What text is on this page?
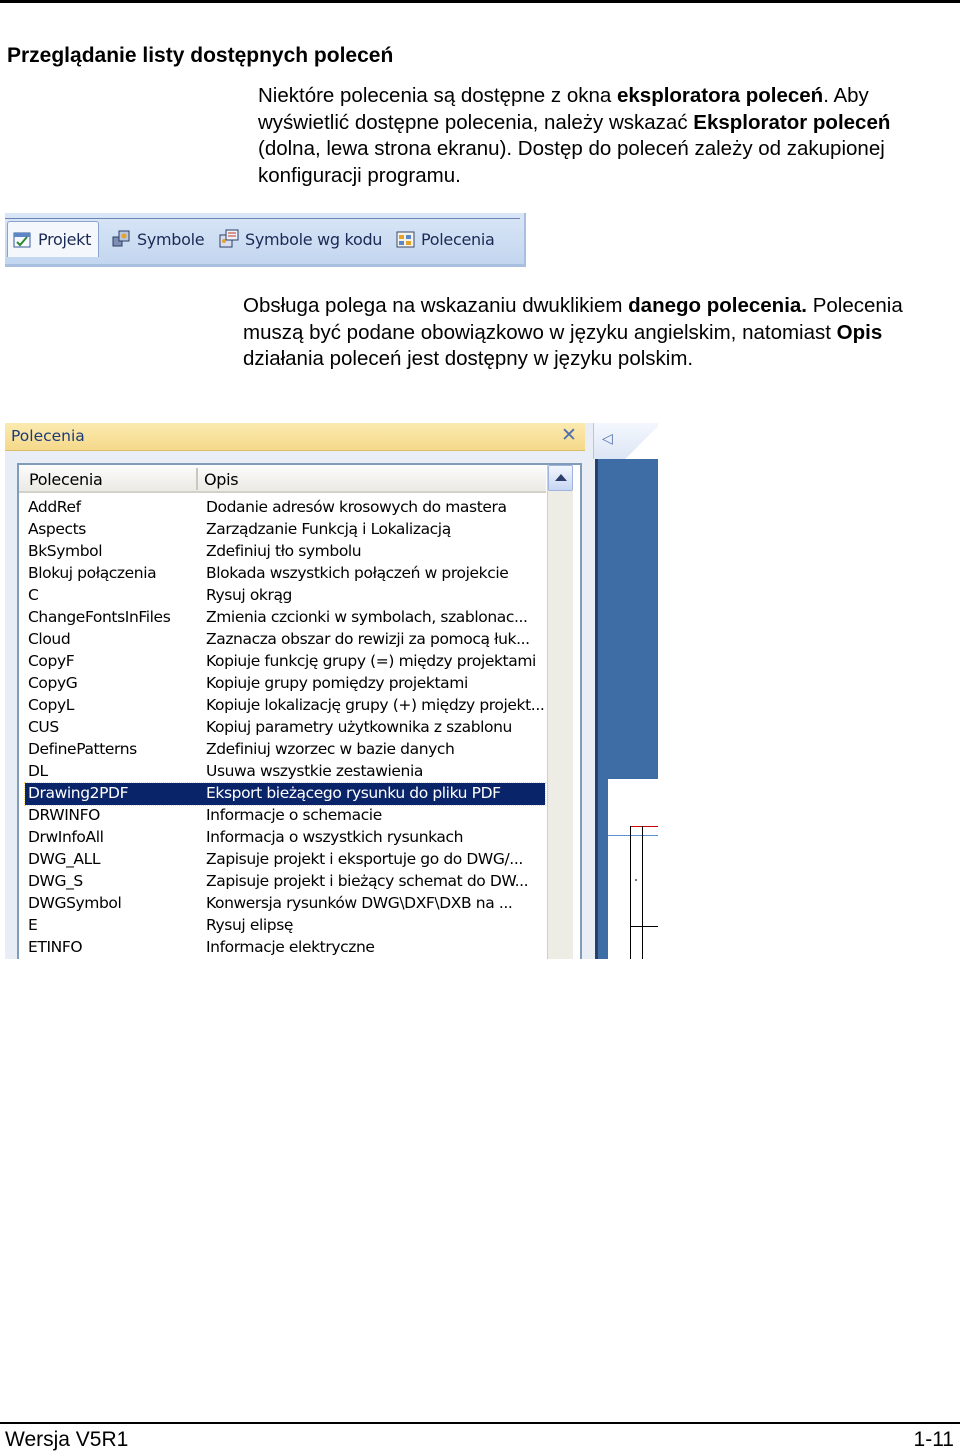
Przeglądanie listy dostępnych poleceń
Niektóre polecenia są dostępne z okna eksploratora poleceń. Aby wyświetlić dostępne polecenia, należy wskazać Eksplorator poleceń (dolna, lewa strona ekranu). Dostęp do poleceń zależy od zakupionej konfiguracji programu.
Projekt	Symbole	Symbole wg kodu Polecenia
Obsługa polega na wskazaniu dwuklikiem danego polecenia. Polecenia muszą być podane obowiązkowo w języku angielskim, natomiast Opis działania poleceń jest dostępny w języku polskim.
Polecenia	✕ ◁
Polecenia	Opis
AddRef	Dodanie adresów krosowych do mastera
Aspects	Zarządzanie Funkcją i Lokalizacją
BkSymbol	Zdefiniuj tło symbolu
Blokuj połączenia	Blokada wszystkich połączeń w projekcie
C	Rysuj okrąg
ChangeFontsInFiles Zmienia czcionki w symbolach, szablonac...
Cloud	Zaznacza obszar do rewizji za pomocą łuk...
CopyF	Kopiuje funkcję grupy (=) między projektami
CopyG	Kopiuje grupy pomiędzy projektami
CopyL	Kopiuje lokalizację grupy (+) między projekt...
CUS	Kopiuj parametry użytkownika z szablonu
DefinePatterns	Zdefiniuj wzorzec w bazie danych
DL	Usuwa wszystkie zestawienia
Drawing2PDF	Eksport bieżącego rysunku do pliku PDF
DRWINFO	Informacje o schemacie
DrwInfoAll	Informacja o wszystkich rysunkach
DWG_ALL	Zapisuje projekt i eksportuje go do DWG/...
DWG_S	Zapisuje projekt i bieżący schemat do DW...
DWGSymbol	Konwersja rysunków DWG\DXF\DXB na ...
E	Rysuj elipsę
ETINFO	Informacje elektryczne
Wersja V5R1	1-11
